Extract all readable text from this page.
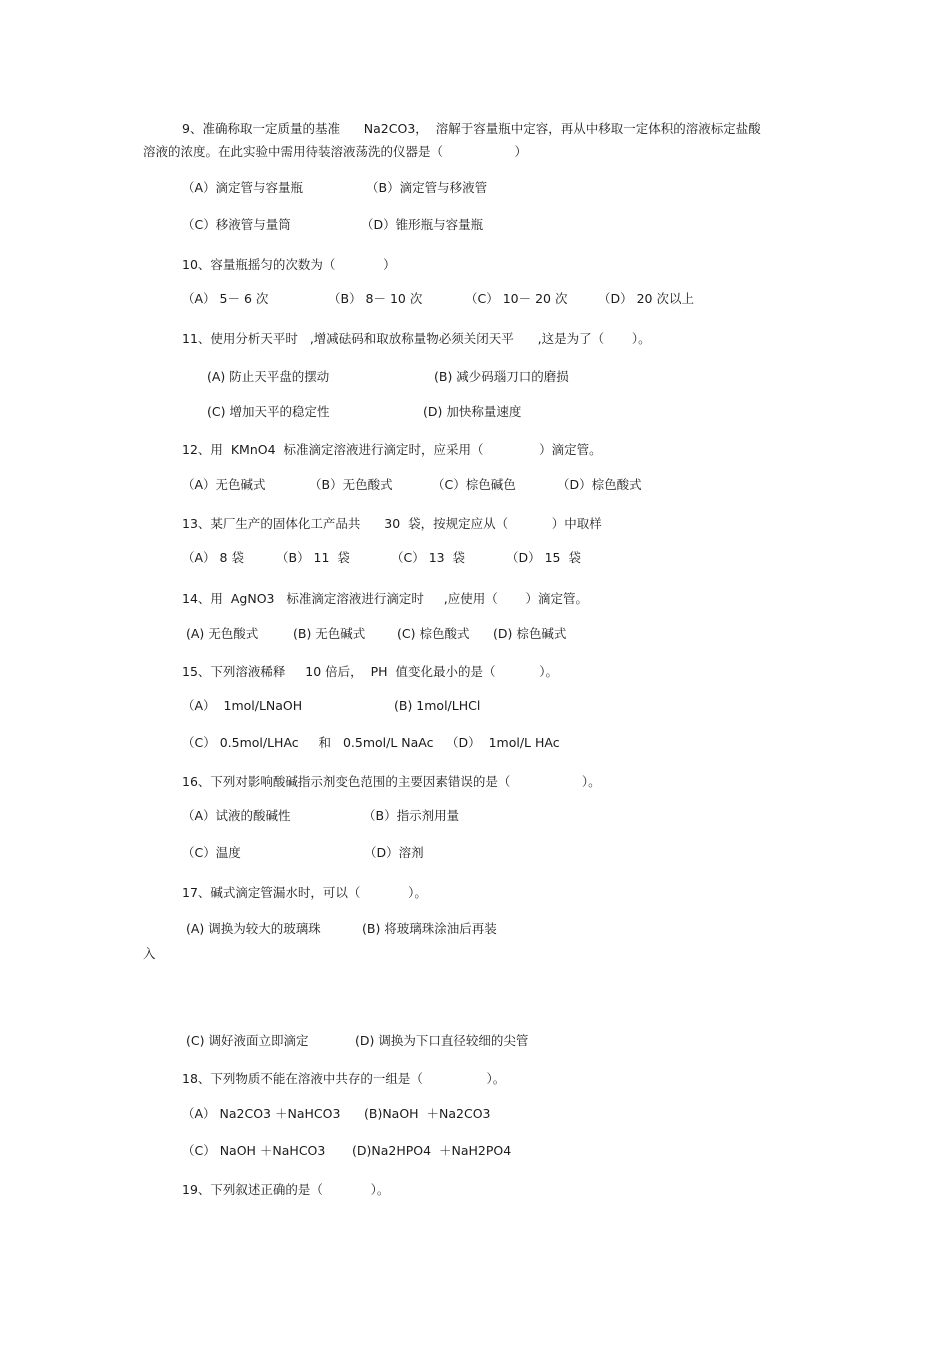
9、准确称取一定质量的基准      Na2CO3，  溶解于容量瓶中定容，再从中移取一定体积的溶液标定盐酸
溶液的浓度。在此实验中需用待装溶液荡洗的仪器是（                  ）
（A）滴定管与容量瓶	（B）滴定管与移液管
（C）移液管与量筒	（D）锥形瓶与容量瓶
10、容量瓶摇匀的次数为（            ）
（A） 5－ 6 次	（B） 8－ 10 次	（C） 10－ 20 次 （D） 20 次以上
11、使用分析天平时   ,增减砝码和取放称量物必须关闭天平      ,这是为了（       ）。
(A) 防止天平盘的摆动	(B) 减少码瑙刀口的磨损
(C) 增加天平的稳定性	(D) 加快称量速度
12、用  KMnO4  标准滴定溶液进行滴定时，应采用（              ）滴定管。
（A）无色碱式	（B）无色酸式	（C）棕色碱色	（D）棕色酸式
13、某厂生产的固体化工产品共      30  袋，按规定应从（           ）中取样
（A） 8 袋	（B） 11  袋	（C） 13  袋	（D） 15  袋
14、用  AgNO3   标准滴定溶液进行滴定时     ,应使用（       ）滴定管。
(A) 无色酸式	(B) 无色碱式	(C) 棕色酸式 (D) 棕色碱式
15、下列溶液稀释     10 倍后，  PH  值变化最小的是（           ）。
（A）  1mol/LNaOH	(B) 1mol/LHCl
（C） 0.5mol/LHAc     和   0.5mol/L NaAc （D）  1mol/L HAc
16、下列对影响酸碱指示剂变色范围的主要因素错误的是（                  ）。
（A）试液的酸碱性	（B）指示剂用量
（C）温度	（D）溶剂
17、碱式滴定管漏水时，可以（            ）。
(A) 调换为较大的玻璃珠	(B) 将玻璃珠涂油后再装
入
(C) 调好液面立即滴定	(D) 调换为下口直径较细的尖管
18、下列物质不能在溶液中共存的一组是（                ）。
（A） Na2CO3 ＋NaHCO3 (B)NaOH  ＋Na2CO3
（C） NaOH ＋NaHCO3 (D)Na2HPO4  ＋NaH2PO4
19、下列叙述正确的是（            ）。
